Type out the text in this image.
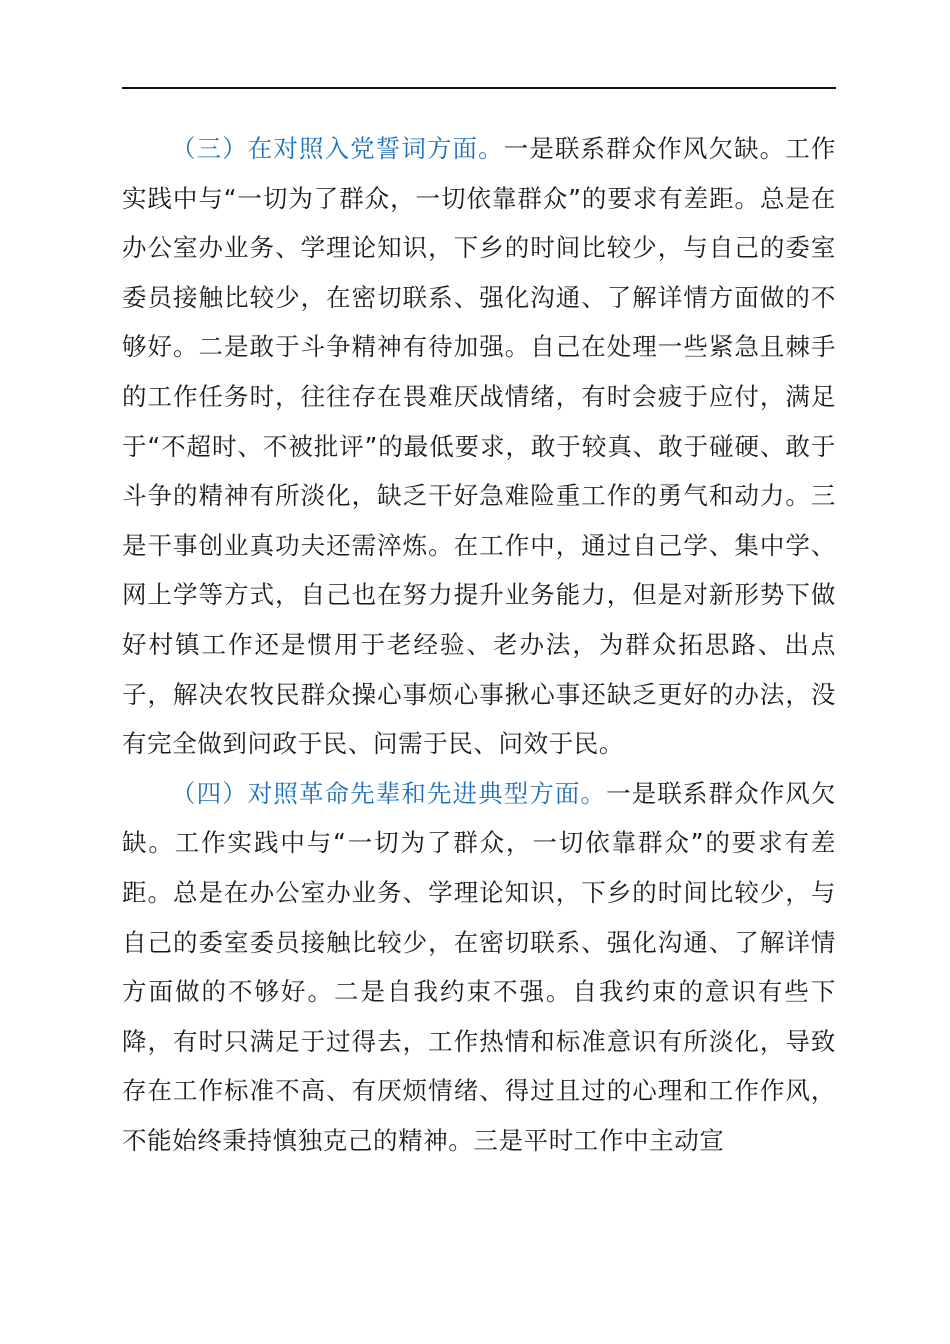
（三）在对照入党誓词方面。一是联系群众作风欠缺。工作实践中与“一切为了群众，一切依靠群众”的要求有差距。总是在办公室办业务、学理论知识，下乡的时间比较少，与自己的委室委员接触比较少，在密切联系、强化沟通、了解详情方面做的不够好。二是敢于斗争精神有待加强。自己在处理一些紧急且棘手的工作任务时，往往存在畏难厌战情绪，有时会疲于应付，满足于“不超时、不被批评”的最低要求，敢于较真、敢于碰硬、敢于斗争的精神有所淡化，缺乏干好急难险重工作的勇气和动力。三是干事创业真功夫还需淬炼。在工作中，通过自己学、集中学、网上学等方式，自己也在努力提升业务能力，但是对新形势下做好村镇工作还是惯用于老经验、老办法，为群众拓思路、出点子，解决农牧民群众操心事烦心事揪心事还缺乏更好的办法，没有完全做到问政于民、问需于民、问效于民。

（四）对照革命先辈和先进典型方面。一是联系群众作风欠缺。工作实践中与“一切为了群众，一切依靠群众”的要求有差距。总是在办公室办业务、学理论知识，下乡的时间比较少，与自己的委室委员接触比较少，在密切联系、强化沟通、了解详情方面做的不够好。二是自我约束不强。自我约束的意识有些下降，有时只满足于过得去，工作热情和标准意识有所淡化，导致存在工作标准不高、有厌烦情绪、得过且过的心理和工作作风，不能始终秉持慎独克己的精神。三是平时工作中主动宣
